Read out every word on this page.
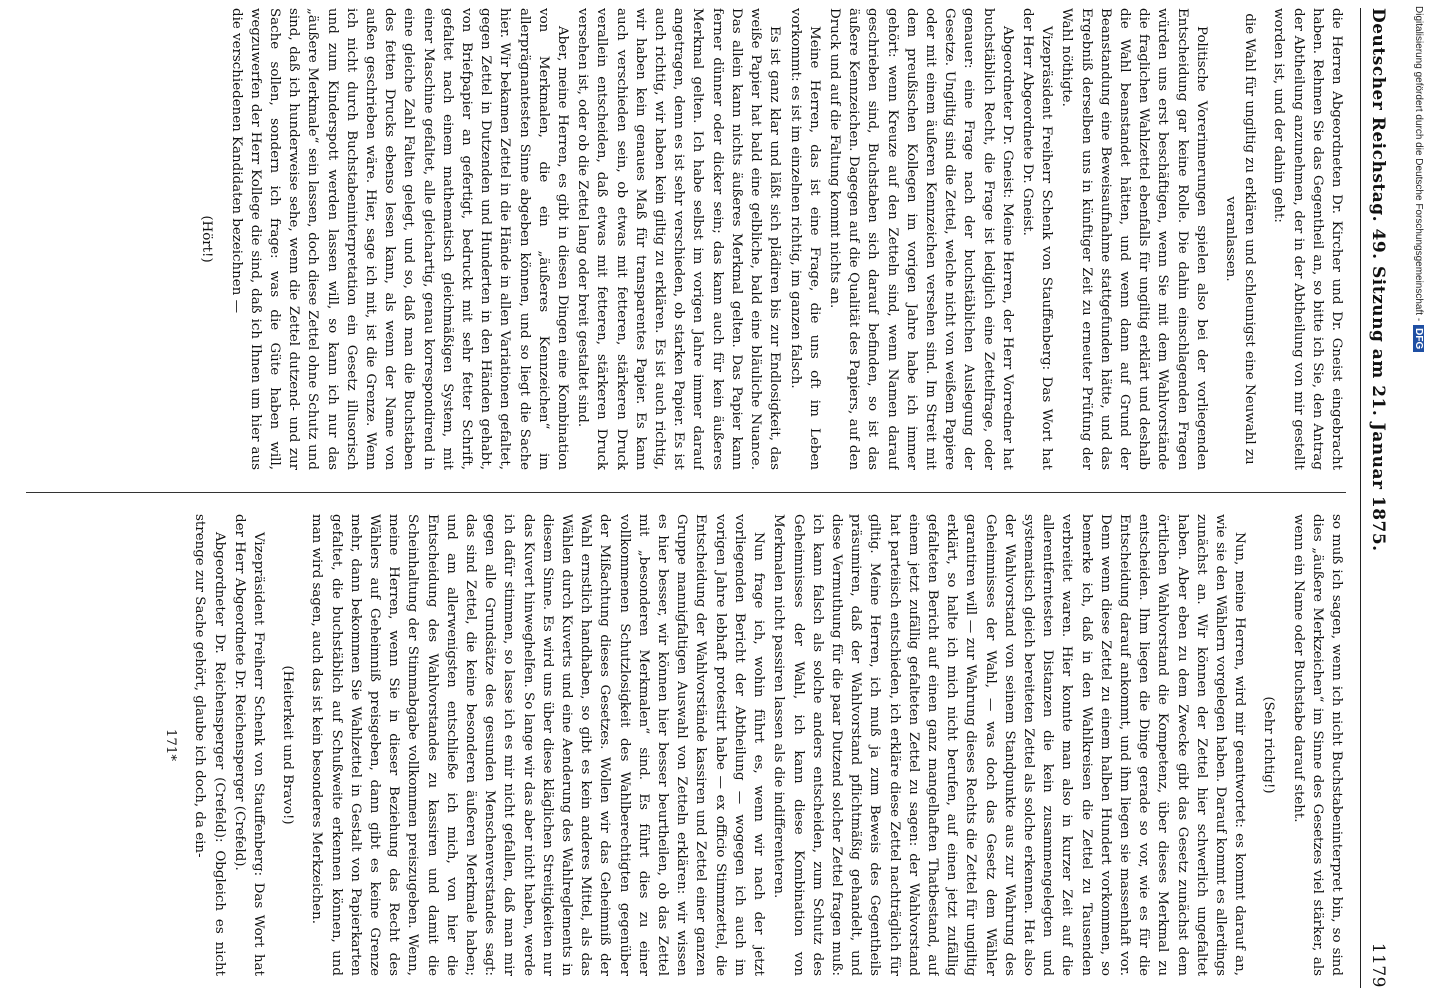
Deutscher Reichstag. 49. Sitzung am 21. Januar 1875.
1179

die Herren Abgeordneten Dr. Kircher und Dr. Gneist eingebracht haben. Rehmen Sie das Gegentheil an, so bitte ich Sie, den Antrag der Abtheilung anzunehmen, der in der Abtheilung von mir gestellt worden ist, und der dahin geht:

die Wahl für ungiltig zu erklären und schleunigst eine Neuwahl zu veranlassen.

Politische Vorerinnerungen spielen also bei der vorliegenden Entscheidung gar keine Rolle. Die dahin einschlagenden Fragen würden uns erst beschäftigen, wenn Sie mit dem Wahlvorstände die fraglichen Wahlzettel ebenfalls für ungiltig erklärt und deshalb die Wahl beanstandet hätten, und wenn dann auf Grund der Beanstandung eine Beweisaufnahme stattgefunden hätte, und das Ergebniß derselben uns in künftiger Zeit zu erneuter Prüfung der Wahl nöthigte.

Vizepräsident Freiherr Schenk von Stauffenberg: Das Wort hat der Herr Abgeordnete Dr. Gneist.

Abgeordneter Dr. Gneist: Meine Herren, der Herr Vorredner hat buchstäblich Recht, die Frage ist lediglich eine Zettelfrage, oder genauer: eine Frage nach der buchstäblichen Auslegung der Gesetze. Ungiltig sind die Zettel, welche nicht von weißem Papiere oder mit einem äußeren Kennzeichen versehen sind. Im Streit mit dem preußischen Kollegen im vorigen Jahre habe ich immer gehört: wenn Kreuze auf den Zetteln sind, wenn Namen darauf geschrieben sind, Buchstaben sich darauf befinden, so ist das äußere Kennzeichen. Dagegen auf die Qualität des Papiers, auf den Druck und auf die Faltung kommt nichts an.

Meine Herren, das ist eine Frage, die uns oft im Leben vorkommt: es ist im einzelnen richtig, im ganzen falsch.

Es ist ganz klar und läßt sich plädiren bis zur Endlosigkeit, das weiße Papier hat bald eine gelbliche, bald eine bläuliche Nuance. Das allein kann nichts äußeres Merkmal gelten. Das Papier kann ferner dünner oder dicker sein; das kann auch für kein äußeres Merkmal gelten. Ich habe selbst im vorigen Jahre immer darauf angetragen, denn es ist sehr verschieden, ob starken Papier. Es ist auch richtig, wir haben kein giltig zu erklären. Es ist auch richtig, wir haben kein genaues Maß für transparentes Papier. Es kann auch verschieden sein, ob etwas mit fetteren, stärkeren Druck verallein entscheiden, daß etwas mit fetteren, stärkeren Druck versehen ist, oder ob die Zettel lang oder breit gestaltet sind.

Aber, meine Herren, es gibt in diesen Dingen eine Kombination von Merkmalen, die ein „äußeres Kennzeichen“ im allerprägnantesten Sinne abgeben können, und so liegt die Sache hier. Wir bekamen Zettel in die Hände in allen Variationen gefaltet, gegen Zettel in Dutzenden und Hunderten in den Händen gehabt, von Briefpapier an gefertigt, bedruckt mit sehr fetter Schrift, gefaltet nach einem mathematisch gleichmäßigen System, mit einer Maschine gefaltet, alle gleichartig, genau korrespondirend in eine gleiche Zahl Falten gelegt, und so, daß man die Buchstaben des fetten Drucks ebenso lesen kann, als wenn der Name von außen geschrieben wäre. Hier, sage ich mit, ist die Grenze. Wenn ich nicht durch Buchstabeninterpretation ein Gesetz illusorisch und zum Kinderspott werden lassen will, so kann ich nur das „äußere Merkmale“ sein lassen, doch diese Zettel ohne Schutz und sind, daß ich hunderweise sehe, wenn die Zettel dutzend- und zur Sache sollen, sondern ich frage: was die Güte haben will, wegzuwerfen der Herr Kollege die sind, daß ich Ihnen um hier aus die verschiedenen Kandidaten bezeichnen —

(Hört!)

so muß ich sagen, wenn ich nicht Buchstabeninterpret bin, so sind dies „äußere Merkzeichen“ im Sinne des Gesetzes viel stärker, als wenn ein Name oder Buchstabe darauf steht.

(Sehr richtig!)

Nun, meine Herren, wird mir geantwortet: es kommt darauf an, wie sie den Wählern vorgelegen haben. Darauf kommt es allerdings zunächst an. Wir können der Zettel hier schwerlich ungefaltet haben. Aber eben zu dem Zwecke gibt das Gesetz zunächst dem örtlichen Wahlvorstand die Kompetenz, über dieses Merkmal zu entscheiden. Ihm liegen die Dinge gerade so vor, wie es für die Entscheidung darauf ankommt, und ihm liegen sie massenhaft vor. Denn wenn diese Zettel zu einem halben Hundert vorkommen, so bemerke ich, daß in den Wahlkreisen die Zettel zu Tausenden verbreitet waren. Hier konnte man also in kurzer Zeit auf die allerentferntesten Distanzen die kein zusammengelegten und systematisch gleich bereiteten Zettel als solche erkennen. Hat also der Wahlvorstand von seinem Standpunkte aus zur Wahrung des Geheimnisses der Wahl, — was doch das Gesetz dem Wähler garantiren will — zur Wahrung dieses Rechts die Zettel für ungiltig erklärt, so halte ich mich nicht berufen, auf einen jetzt zufällig gefalteten Bericht auf einen ganz mangelhaften Thatbestand, auf einem jetzt zufällig gefalteten Zettel zu sagen: der Wahlvorstand hat parteiisch entschieden, ich erkläre diese Zettel nachträglich für giltig. Meine Herren, ich muß ja zum Beweis des Gegentheils präsumiren, daß der Wahlvorstand pflichtmäßig gehandelt, und diese Vermuthung für die paar Dutzend solcher Zettel fragen muß: ich kann falsch als solche anders entscheiden, zum Schutz des Geheimnisses der Wahl, ich kann diese Kombination von Merkmalen nicht passiren lassen als die indifferenteren.

Nun frage ich, wohin führt es, wenn wir nach der jetzt vorliegenden Bericht der Abtheilung — wogegen ich auch im vorigen Jahre lebhaft protestirt habe — ex officio Stimmzettel, die Entscheidung der Wahlvorstände kassiren und Zettel einer ganzen Gruppe mannigfaltigen Auswahl von Zetteln erklären: wir wissen es hier besser, wir können hier besser beurtheilen, ob das Zettel mit „besonderen Merkmalen“ sind. Es führt dies zu einer vollkommenen Schutzlosigkeit des Wahlberechtigten gegenüber der Mißachtung dieses Gesetzes. Wollen wir das Geheimniß der Wahl ernstlich handhaben, so gibt es kein anderes Mittel, als das Wählen durch Kuverts und eine Aenderung des Wahlreglements in diesem Sinne. Es wird uns über diese kläglichen Streitigkeiten nur das Kuvert hinweghelfen. So lange wir das aber nicht haben, werde ich dafür stimmen, so lasse ich es mir nicht gefallen, daß man mir gegen alle Grundsätze des gesunden Menschenverstandes sagt: das sind Zettel, die keine besonderen äußeren Merkmale haben; und am allerwenigsten entschließe ich mich, von hier die Entscheidung des Wahlvorstandes zu kassiren und damit die Scheinhaltung der Stimmabgabe vollkommen preiszugeben. Wenn, meine Herren, wenn Sie in dieser Beziehung das Recht des Wählers auf Geheimniß preisgeben, dann gibt es keine Grenze mehr, dann bekommen Sie Wahlzettel in Gestalt von Papierkarten gefaltet, die buchstäblich auf Schußweite erkennen können, und man wird sagen, auch das ist kein besonderes Merkzeichen.

(Heiterkeit und Bravo!)

Vizepräsident Freiherr Schenk von Stauffenberg: Das Wort hat der Herr Abgeordnete Dr. Reichensperger (Crefeld).

Abgeordneter Dr. Reichensperger (Crefeld): Obgleich es nicht strenge zur Sache gehört, glaube ich doch, da ein-

171*

Digitalisierung gefördert durch die Deutsche Forschungsgemeinschaft -DFG
